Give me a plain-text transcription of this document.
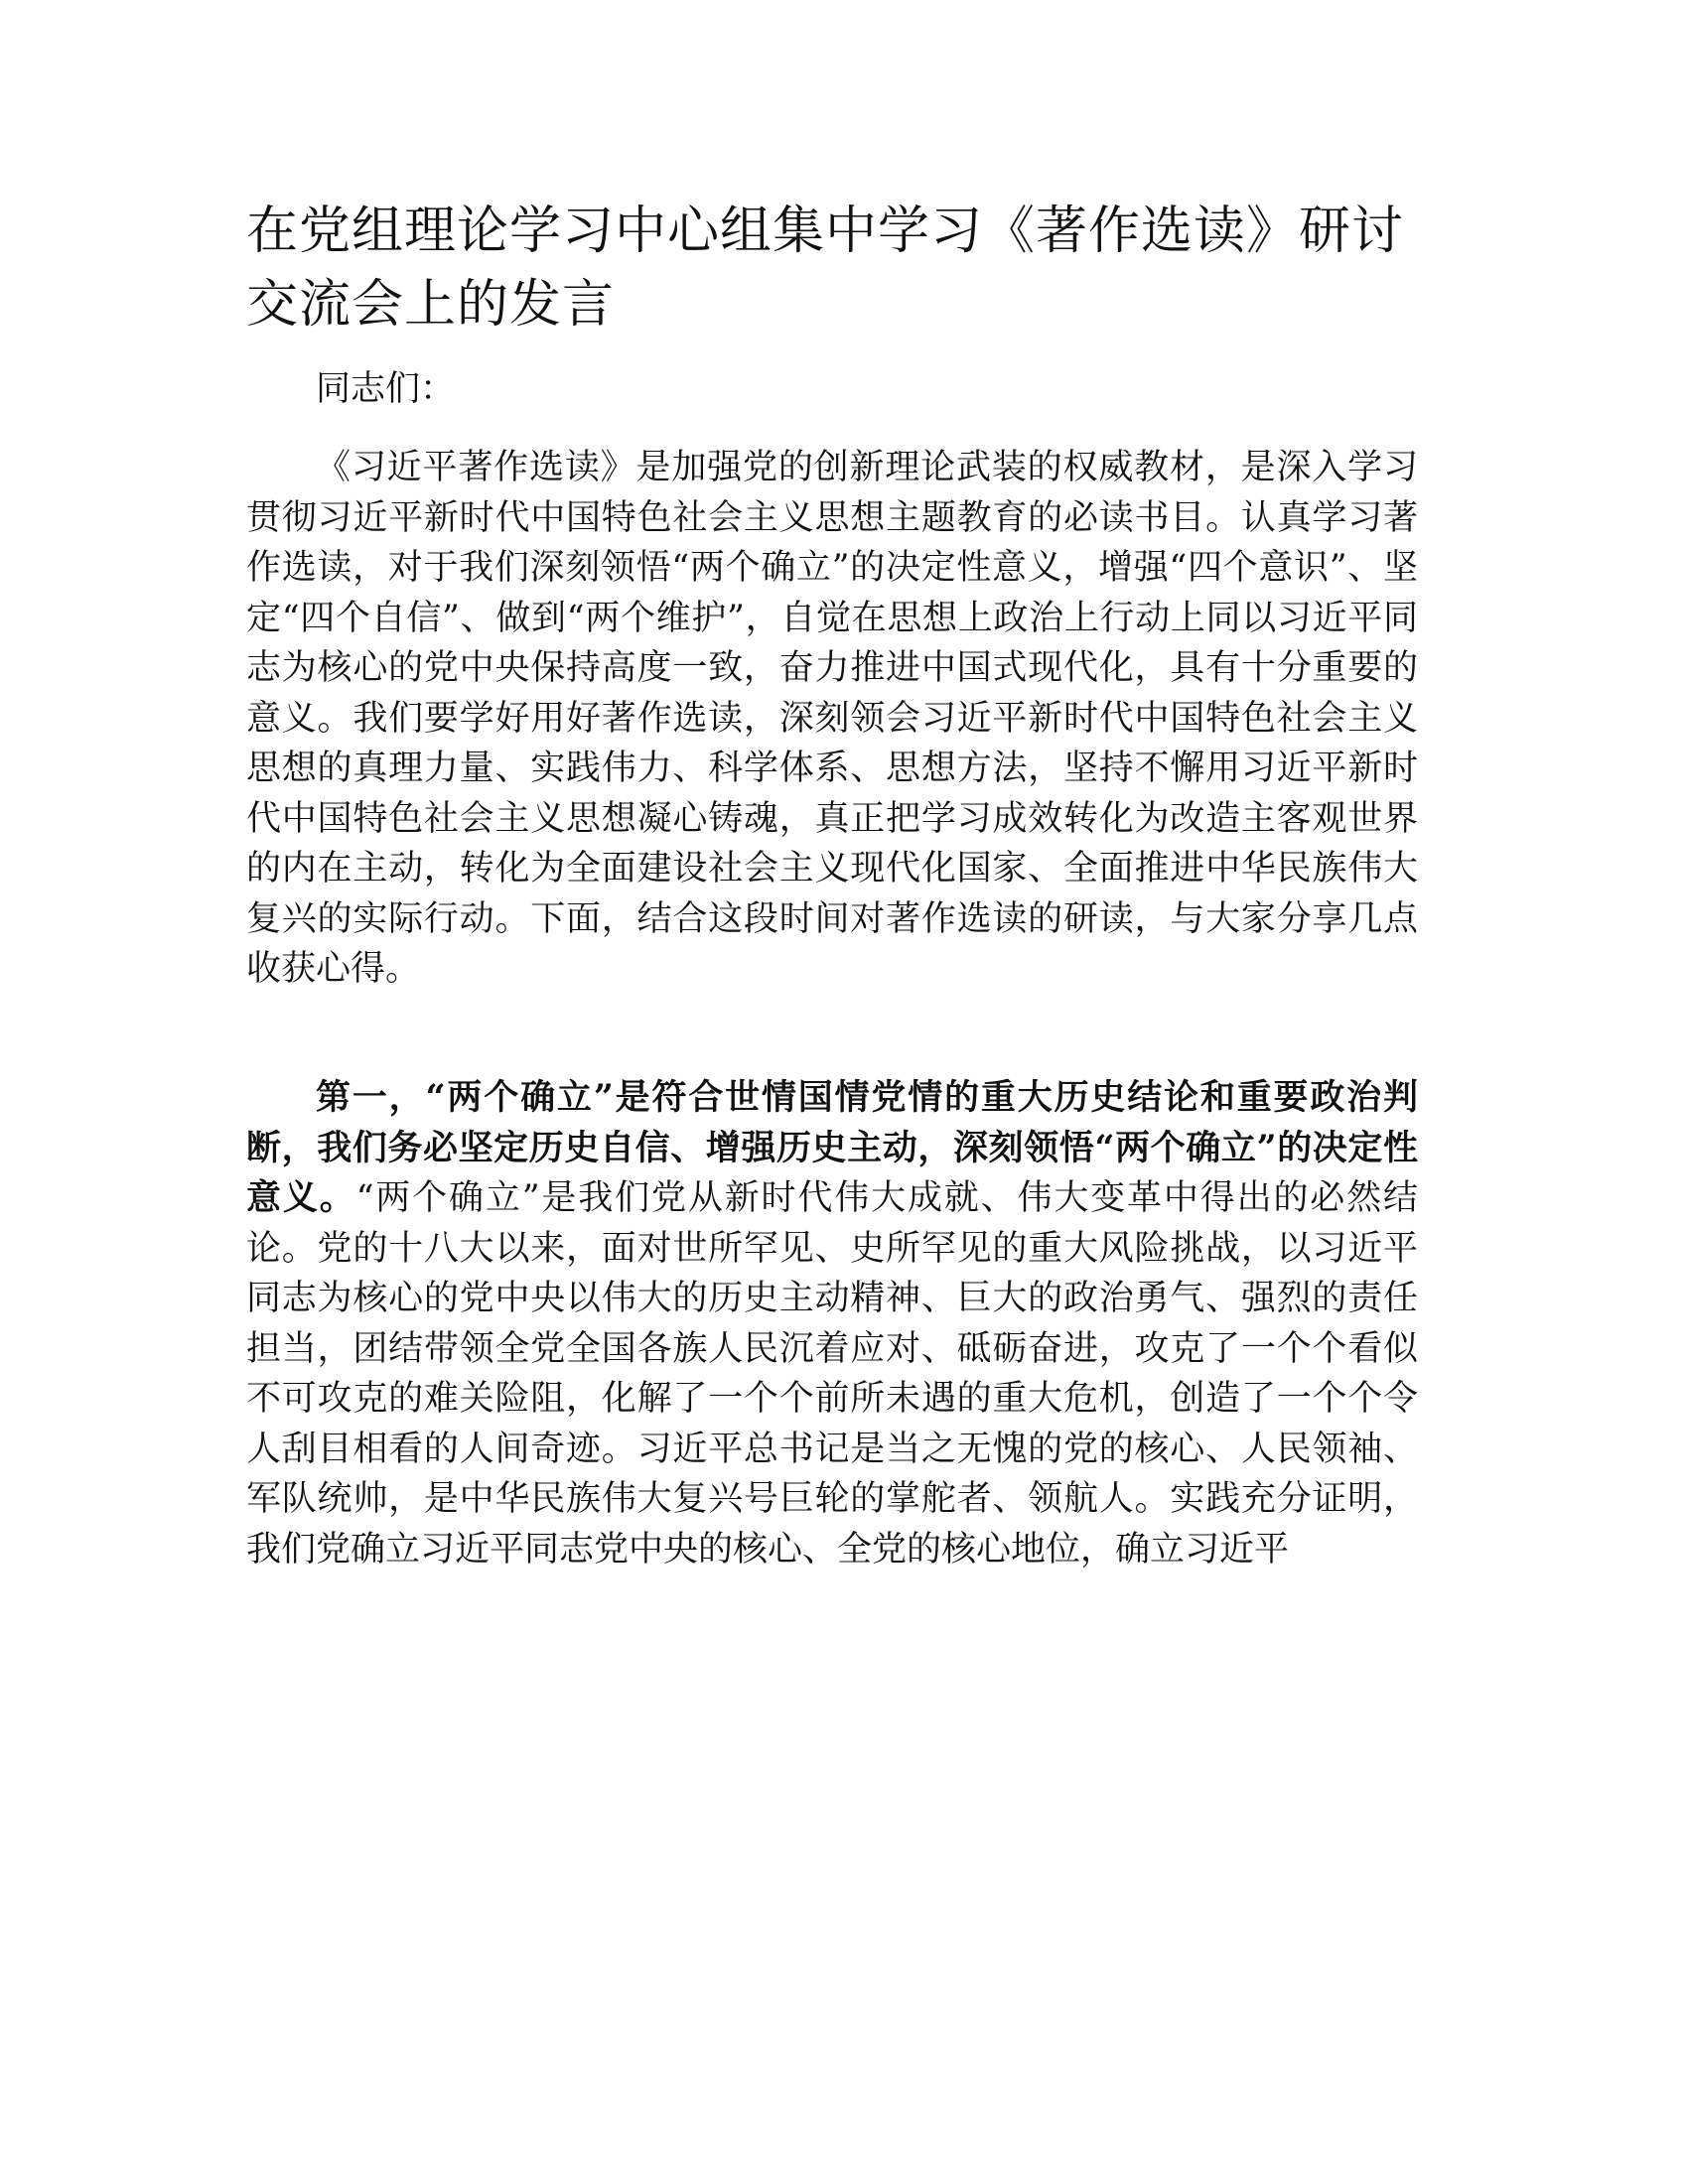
在党组理论学习中心组集中学习《著作选读》研讨交流会上的发言

同志们：

《习近平著作选读》是加强党的创新理论武装的权威教材，是深入学习贯彻习近平新时代中国特色社会主义思想主题教育的必读书目。认真学习著作选读，对于我们深刻领悟“两个确立”的决定性意义，增强“四个意识”、坚定“四个自信”、做到“两个维护”，自觉在思想上政治上行动上同以习近平同志为核心的党中央保持高度一致，奋力推进中国式现代化，具有十分重要的意义。我们要学好用好著作选读，深刻领会习近平新时代中国特色社会主义思想的真理力量、实践伟力、科学体系、思想方法，坚持不懈用习近平新时代中国特色社会主义思想凝心铸魂，真正把学习成效转化为改造主客观世界的内在主动，转化为全面建设社会主义现代化国家、全面推进中华民族伟大复兴的实际行动。下面，结合这段时间对著作选读的研读，与大家分享几点收获心得。

第一，“两个确立”是符合世情国情党情的重大历史结论和重要政治判断，我们务必坚定历史自信、增强历史主动，深刻领悟“两个确立”的决定性意义。“两个确立”是我们党从新时代伟大成就、伟大变革中得出的必然结论。党的十八大以来，面对世所罕见、史所罕见的重大风险挑战，以习近平同志为核心的党中央以伟大的历史主动精神、巨大的政治勇气、强烈的责任担当，团结带领全党全国各族人民沉着应对、砥砺奋进，攻克了一个个看似不可攻克的难关险阻，化解了一个个前所未遇的重大危机，创造了一个个令人刮目相看的人间奇迹。习近平总书记是当之无愧的党的核心、人民领袖、军队统帅，是中华民族伟大复兴号巨轮的掌舵者、领航人。实践充分证明，我们党确立习近平同志党中央的核心、全党的核心地位，确立习近平
